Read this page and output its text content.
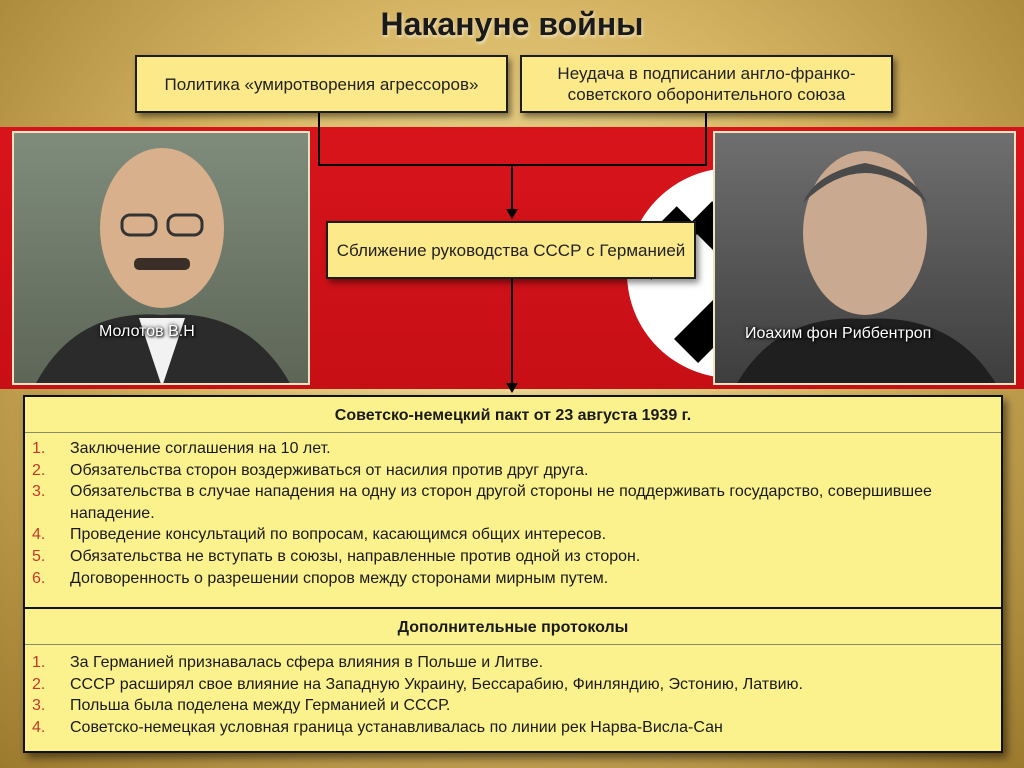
Накануне войны
Молотов В.Н	Иоахим фон Риббентроп
Политика «умиротворения агрессоров»
Неудача в подписании англо-франко-советского оборонительного союза
Сближение руководства СССР с Германией
Советско-немецкий пакт от 23 августа 1939 г.
1. Заключение соглашения на 10 лет.
2. Обязательства сторон воздерживаться от насилия против друг друга.
3. Обязательства в случае нападения на одну из сторон другой стороны не поддерживать государство, совершившее нападение.
4. Проведение консультаций по вопросам, касающимся общих интересов.
5. Обязательства не вступать в союзы, направленные против одной из сторон.
6. Договоренность о разрешении споров между сторонами мирным путем.
Дополнительные протоколы
1. За Германией признавалась сфера влияния в Польше и Литве.
2. СССР расширял свое влияние на Западную Украину, Бессарабию, Финляндию, Эстонию, Латвию.
3. Польша была поделена между Германией и СССР.
4. Советско-немецкая условная граница устанавливалась по линии рек Нарва-Висла-Сан
